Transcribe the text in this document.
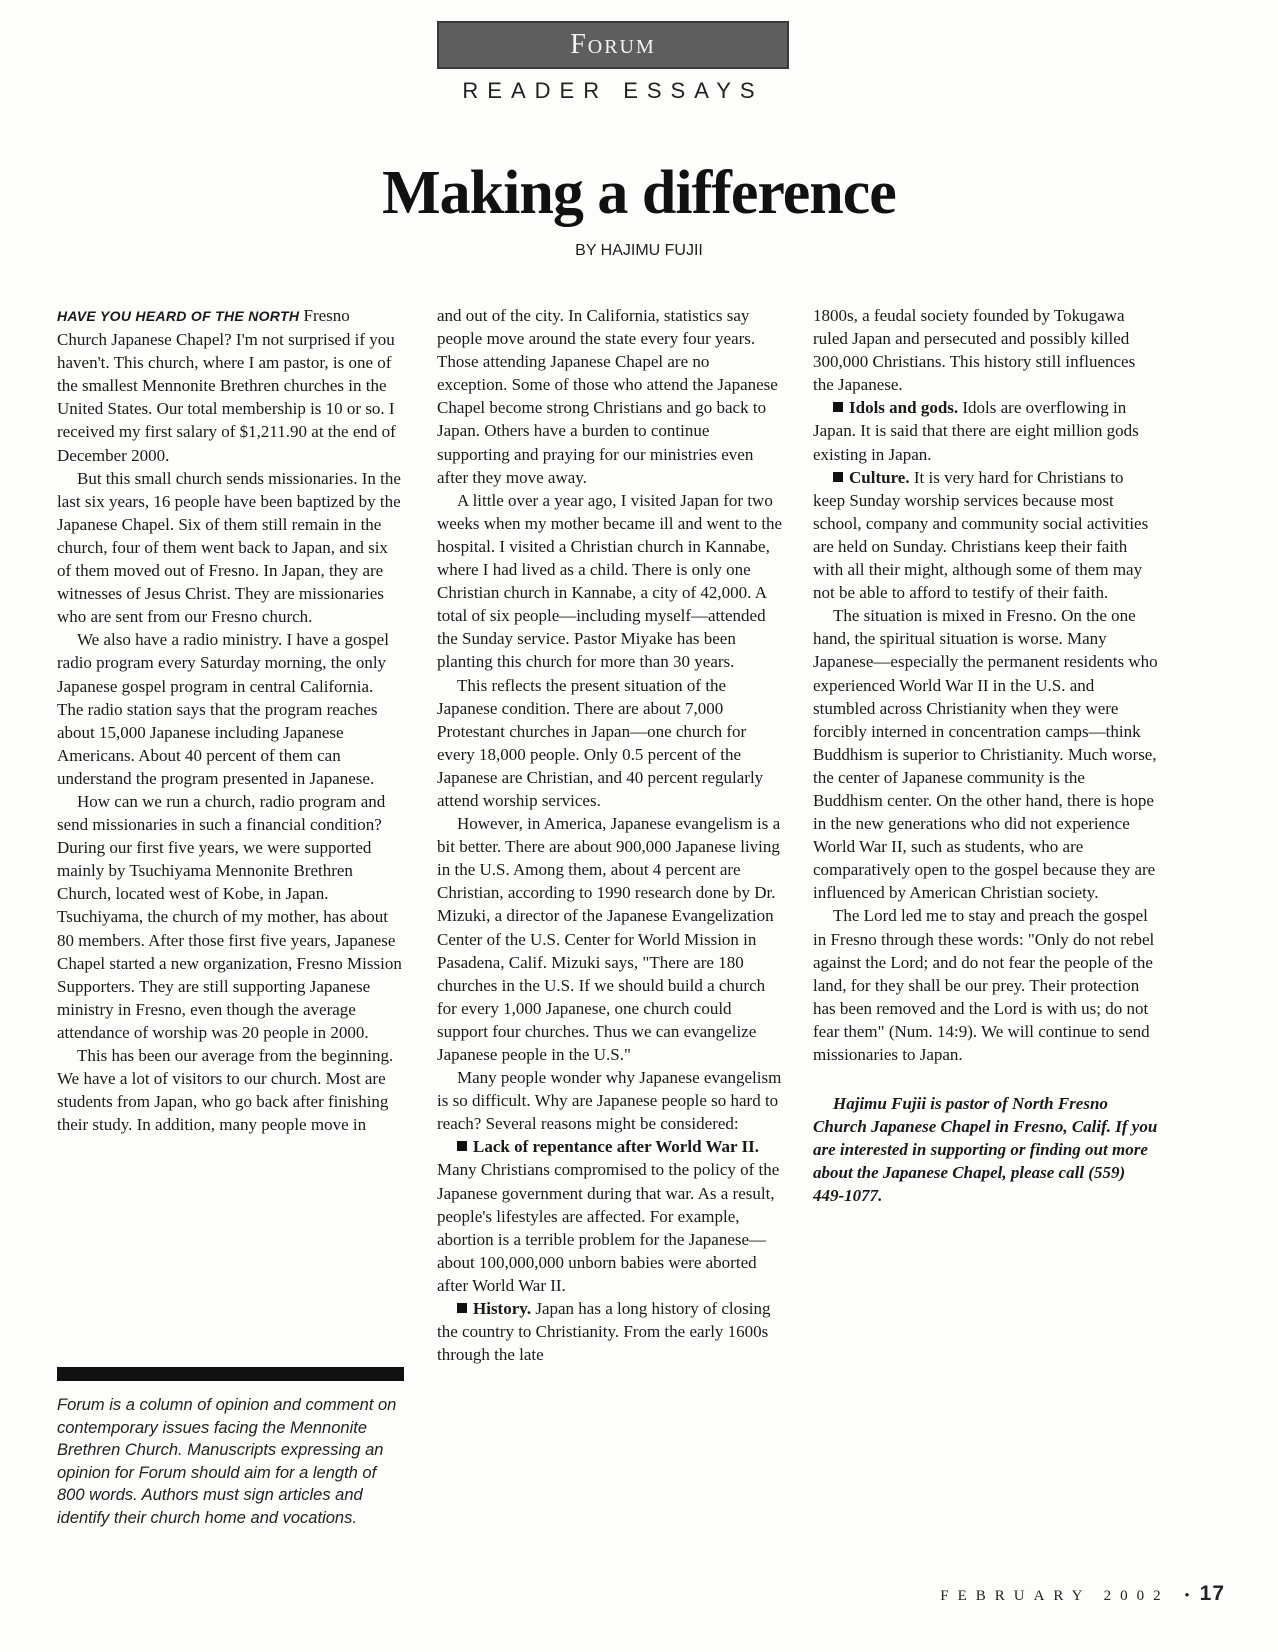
Forum
READER ESSAYS
Making a difference
BY HAJIMU FUJII

HAVE YOU HEARD OF THE NORTH Fresno Church Japanese Chapel? I'm not surprised if you haven't. This church, where I am pastor, is one of the smallest Mennonite Brethren churches in the United States. Our total membership is 10 or so. I received my first salary of $1,211.90 at the end of December 2000.

But this small church sends missionaries. In the last six years, 16 people have been baptized by the Japanese Chapel. Six of them still remain in the church, four of them went back to Japan, and six of them moved out of Fresno. In Japan, they are witnesses of Jesus Christ. They are missionaries who are sent from our Fresno church.

We also have a radio ministry. I have a gospel radio program every Saturday morning, the only Japanese gospel program in central California. The radio station says that the program reaches about 15,000 Japanese including Japanese Americans. About 40 percent of them can understand the program presented in Japanese.

How can we run a church, radio program and send missionaries in such a financial condition? During our first five years, we were supported mainly by Tsuchiyama Mennonite Brethren Church, located west of Kobe, in Japan. Tsuchiyama, the church of my mother, has about 80 members. After those first five years, Japanese Chapel started a new organization, Fresno Mission Supporters. They are still supporting Japanese ministry in Fresno, even though the average attendance of worship was 20 people in 2000.

This has been our average from the beginning. We have a lot of visitors to our church. Most are students from Japan, who go back after finishing their study. In addition, many people move in

Forum is a column of opinion and comment on contemporary issues facing the Mennonite Brethren Church. Manuscripts expressing an opinion for Forum should aim for a length of 800 words. Authors must sign articles and identify their church home and vocations.

and out of the city. In California, statistics say people move around the state every four years. Those attending Japanese Chapel are no exception. Some of those who attend the Japanese Chapel become strong Christians and go back to Japan. Others have a burden to continue supporting and praying for our ministries even after they move away.

A little over a year ago, I visited Japan for two weeks when my mother became ill and went to the hospital. I visited a Christian church in Kannabe, where I had lived as a child. There is only one Christian church in Kannabe, a city of 42,000. A total of six people—including myself—attended the Sunday service. Pastor Miyake has been planting this church for more than 30 years.

This reflects the present situation of the Japanese condition. There are about 7,000 Protestant churches in Japan—one church for every 18,000 people. Only 0.5 percent of the Japanese are Christian, and 40 percent regularly attend worship services.

However, in America, Japanese evangelism is a bit better. There are about 900,000 Japanese living in the U.S. Among them, about 4 percent are Christian, according to 1990 research done by Dr. Mizuki, a director of the Japanese Evangelization Center of the U.S. Center for World Mission in Pasadena, Calif. Mizuki says, "There are 180 churches in the U.S. If we should build a church for every 1,000 Japanese, one church could support four churches. Thus we can evangelize Japanese people in the U.S."

Many people wonder why Japanese evangelism is so difficult. Why are Japanese people so hard to reach? Several reasons might be considered:

Lack of repentance after World War II. Many Christians compromised to the policy of the Japanese government during that war. As a result, people's lifestyles are affected. For example, abortion is a terrible problem for the Japanese—about 100,000,000 unborn babies were aborted after World War II.

History. Japan has a long history of closing the country to Christianity. From the early 1600s through the late

1800s, a feudal society founded by Tokugawa ruled Japan and persecuted and possibly killed 300,000 Christians. This history still influences the Japanese.

Idols and gods. Idols are overflowing in Japan. It is said that there are eight million gods existing in Japan.

Culture. It is very hard for Christians to keep Sunday worship services because most school, company and community social activities are held on Sunday. Christians keep their faith with all their might, although some of them may not be able to afford to testify of their faith.

The situation is mixed in Fresno. On the one hand, the spiritual situation is worse. Many Japanese—especially the permanent residents who experienced World War II in the U.S. and stumbled across Christianity when they were forcibly interned in concentration camps—think Buddhism is superior to Christianity. Much worse, the center of Japanese community is the Buddhism center. On the other hand, there is hope in the new generations who did not experience World War II, such as students, who are comparatively open to the gospel because they are influenced by American Christian society.

The Lord led me to stay and preach the gospel in Fresno through these words: "Only do not rebel against the Lord; and do not fear the people of the land, for they shall be our prey. Their protection has been removed and the Lord is with us; do not fear them" (Num. 14:9). We will continue to send missionaries to Japan.

Hajimu Fujii is pastor of North Fresno Church Japanese Chapel in Fresno, Calif. If you are interested in supporting or finding out more about the Japanese Chapel, please call (559) 449-1077.

FEBRUARY 2002 • 17
